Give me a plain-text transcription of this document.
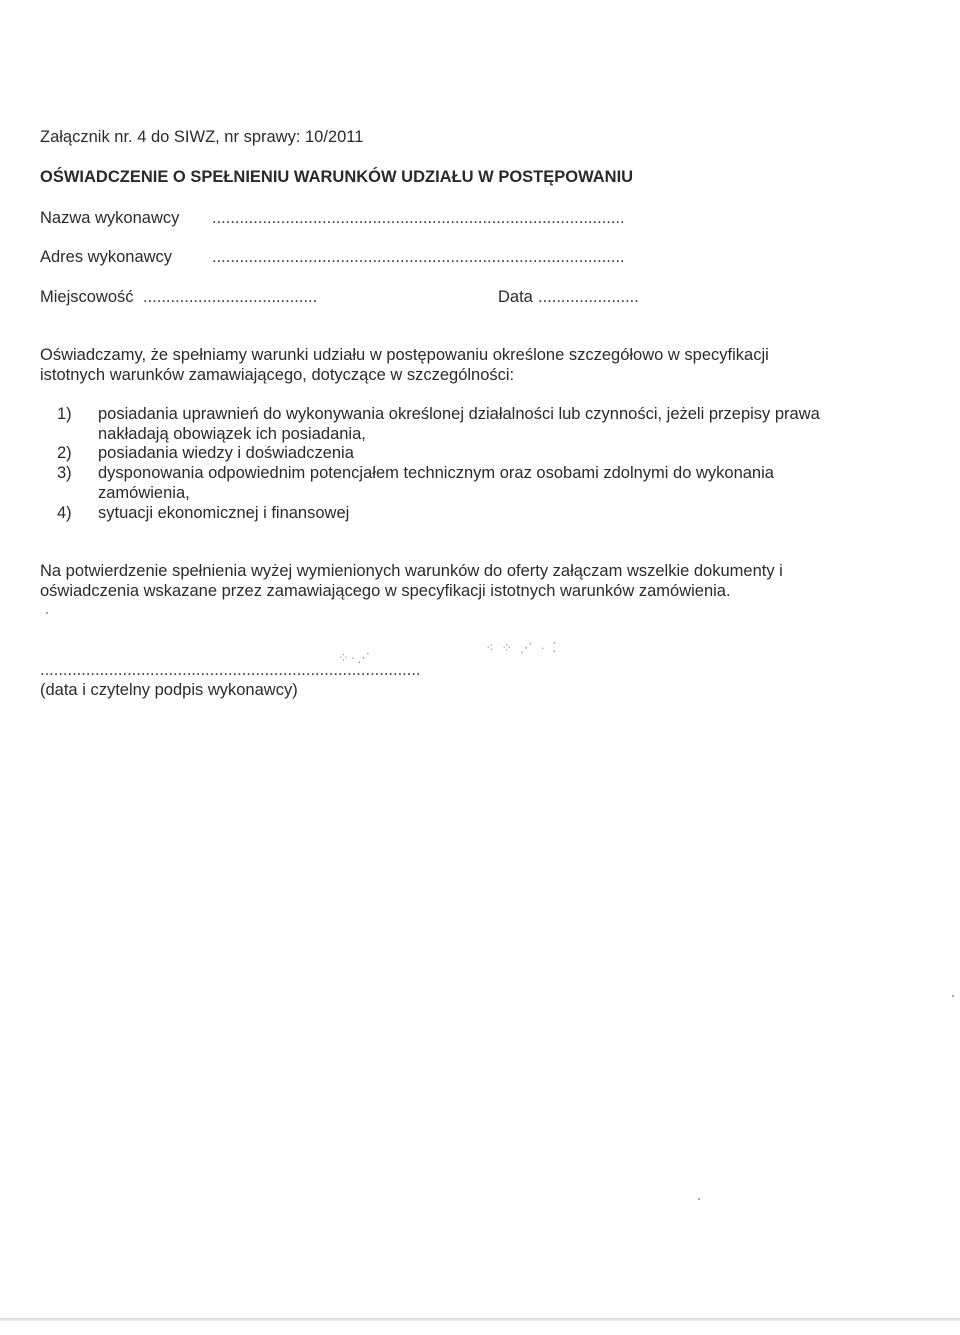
Załącznik nr. 4 do SIWZ, nr sprawy: 10/2011
OŚWIADCZENIE O SPEŁNIENIU WARUNKÓW UDZIAŁU W POSTĘPOWANIU
Nazwa wykonawcy ..........................................................................................
Adres wykonawcy ..........................................................................................
Miejscowość ......................................	Data ......................
Oświadczamy, że spełniamy warunki udziału w postępowaniu określone szczegółowo w specyfikacji
istotnych warunków zamawiającego, dotyczące w szczególności:
1) posiadania uprawnień do wykonywania określonej działalności lub czynności, jeżeli przepisy prawa
nakładają obowiązek ich posiadania,
2) posiadania wiedzy i doświadczenia
3) dysponowania odpowiednim potencjałem technicznym oraz osobami zdolnymi do wykonania
zamówienia,
4) sytuacji ekonomicznej i finansowej
Na potwierdzenie spełnienia wyżej wymienionych warunków do oferty załączam wszelkie dokumenty i
oświadczenia wskazane przez zamawiającego w specyfikacji istotnych warunków zamówienia.
...................................................................................
(data i czytelny podpis wykonawcy)
⁘·⋰
⁖ ⁘ ⋰ · ⁚
